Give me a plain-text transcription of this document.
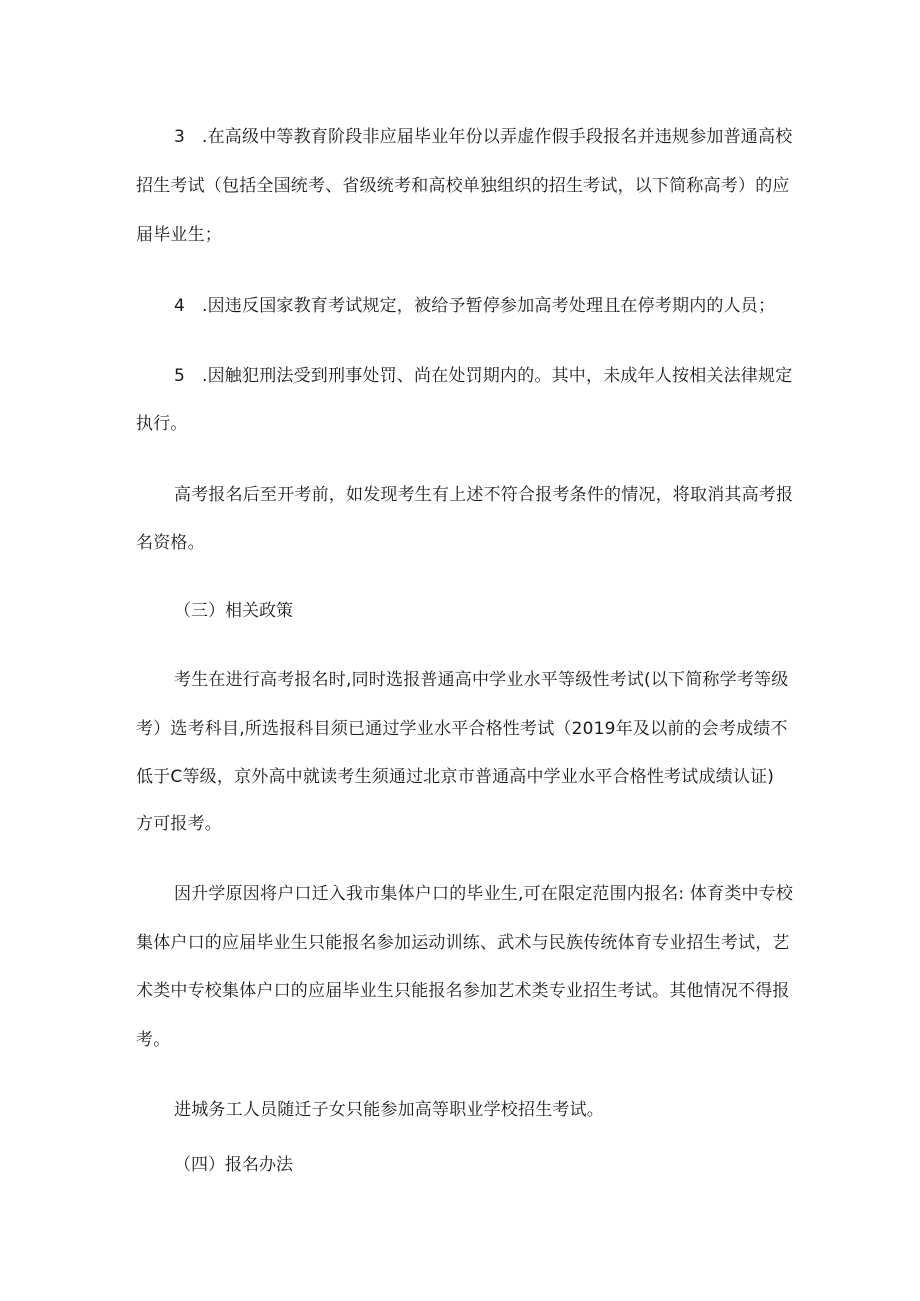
3 .在高级中等教育阶段非应届毕业年份以弄虚作假手段报名并违规参加普通高校
招生考试（包括全国统考、省级统考和高校单独组织的招生考试，以下简称高考）的应
届毕业生；
4 .因违反国家教育考试规定，被给予暂停参加高考处理且在停考期内的人员；
5 .因触犯刑法受到刑事处罚、尚在处罚期内的。其中，未成年人按相关法律规定
执行。
高考报名后至开考前，如发现考生有上述不符合报考条件的情况，将取消其高考报
名资格。
（三）相关政策
考生在进行高考报名时,同时选报普通高中学业水平等级性考试(以下简称学考等级
考）选考科目,所选报科目须已通过学业水平合格性考试（2019年及以前的会考成绩不
低于C等级，京外高中就读考生须通过北京市普通高中学业水平合格性考试成绩认证)
方可报考。
因升学原因将户口迁入我市集体户口的毕业生,可在限定范围内报名: 体育类中专校
集体户口的应届毕业生只能报名参加运动训练、武术与民族传统体育专业招生考试，艺
术类中专校集体户口的应届毕业生只能报名参加艺术类专业招生考试。其他情况不得报
考。
进城务工人员随迁子女只能参加高等职业学校招生考试。
（四）报名办法
